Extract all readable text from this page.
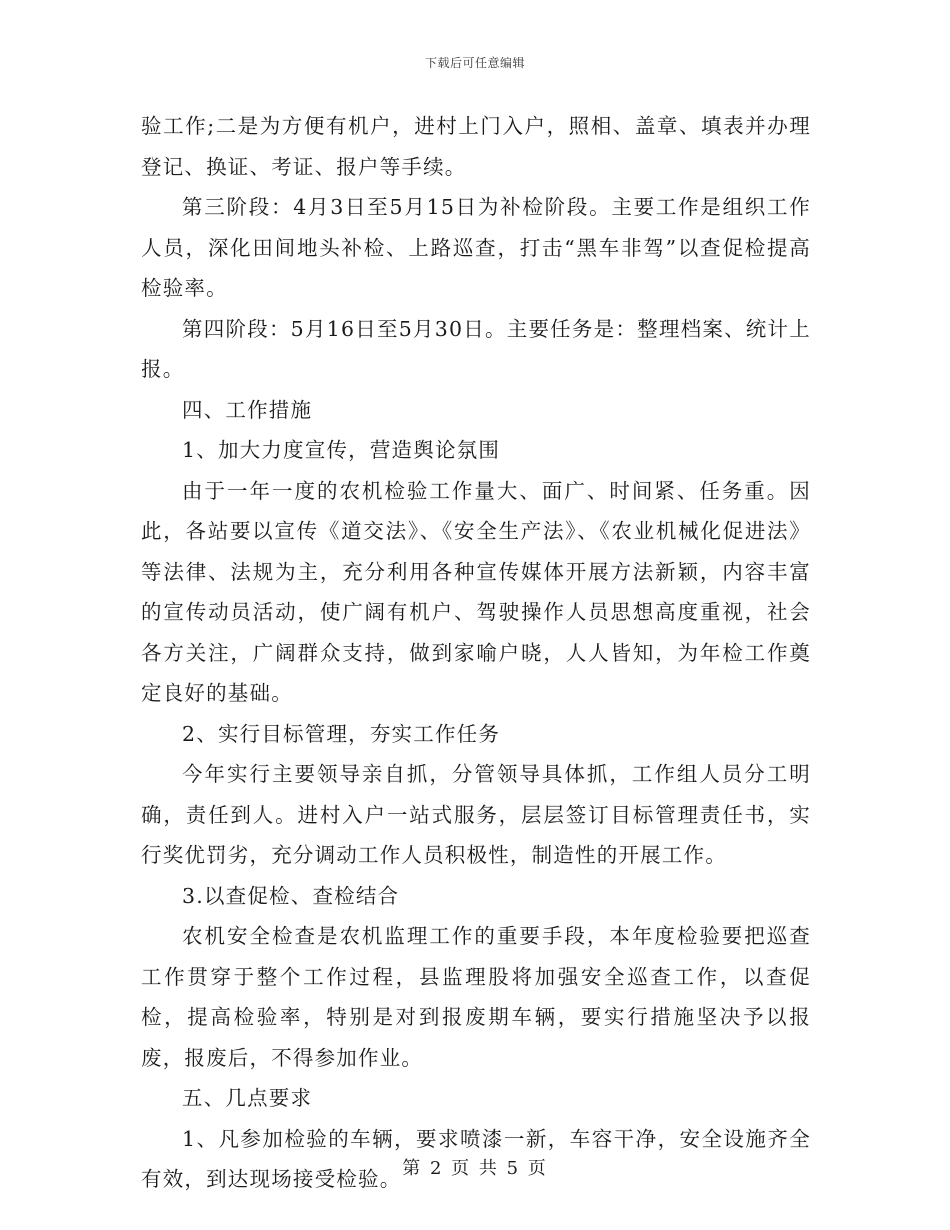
下载后可任意编辑

验工作;二是为方便有机户，进村上门入户，照相、盖章、填表并办理登记、换证、考证、报户等手续。

第三阶段：4月3日至5月15日为补检阶段。主要工作是组织工作人员，深化田间地头补检、上路巡查，打击“黑车非驾”以查促检提高检验率。

第四阶段：5月16日至5月30日。主要任务是：整理档案、统计上报。

四、工作措施

1、加大力度宣传，营造舆论氛围

由于一年一度的农机检验工作量大、面广、时间紧、任务重。因此，各站要以宣传《道交法》、《安全生产法》、《农业机械化促进法》等法律、法规为主，充分利用各种宣传媒体开展方法新颖，内容丰富的宣传动员活动，使广阔有机户、驾驶操作人员思想高度重视，社会各方关注，广阔群众支持，做到家喻户晓，人人皆知，为年检工作奠定良好的基础。

2、实行目标管理，夯实工作任务

今年实行主要领导亲自抓，分管领导具体抓，工作组人员分工明确，责任到人。进村入户一站式服务，层层签订目标管理责任书，实行奖优罚劣，充分调动工作人员积极性，制造性的开展工作。

3.以查促检、查检结合

农机安全检查是农机监理工作的重要手段，本年度检验要把巡查工作贯穿于整个工作过程，县监理股将加强安全巡查工作，以查促检，提高检验率，特别是对到报废期车辆，要实行措施坚决予以报废，报废后，不得参加作业。

五、几点要求

1、凡参加检验的车辆，要求喷漆一新，车容干净，安全设施齐全有效，到达现场接受检验。 第 2 页 共 5 页
